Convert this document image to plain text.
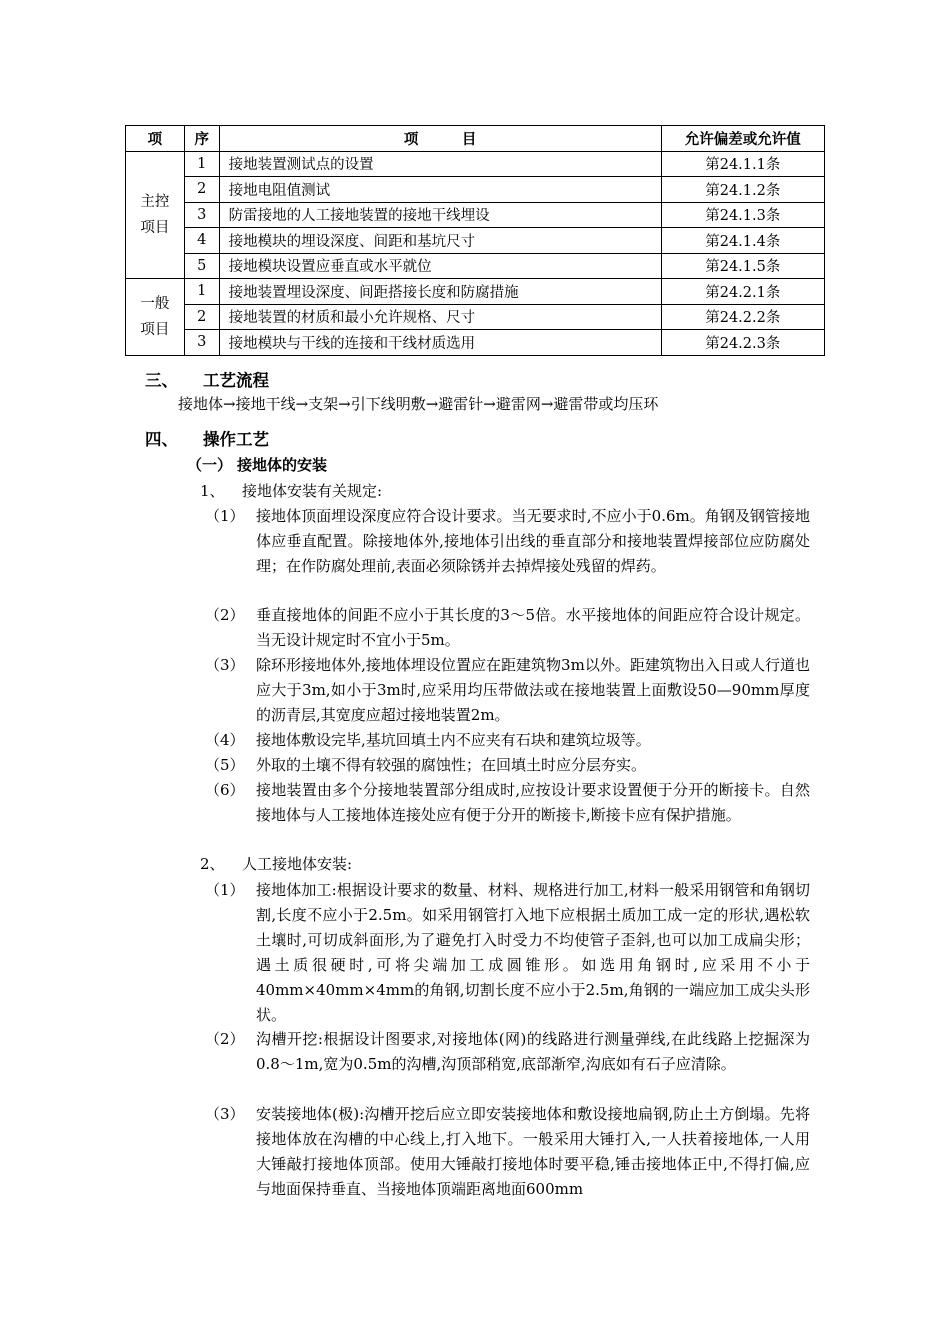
项	序	项　　　目	允许偏差或允许值
主控
项目	1	接地装置测试点的设置	第24.1.1条
	2	接地电阻值测试	第24.1.2条
	3	防雷接地的人工接地装置的接地干线埋设	第24.1.3条
	4	接地模块的埋设深度、间距和基坑尺寸	第24.1.4条
	5	接地模块设置应垂直或水平就位	第24.1.5条
一般
项目	1	接地装置埋设深度、间距搭接长度和防腐措施	第24.2.1条
	2	接地装置的材质和最小允许规格、尺寸	第24.2.2条
	3	接地模块与干线的连接和干线材质选用	第24.2.3条
三、 工艺流程
接地体→接地干线→支架→引下线明敷→避雷针→避雷网→避雷带或均压环
四、 操作工艺
（一） 接地体的安装
1、 接地体安装有关规定:
（1） 接地体顶面埋设深度应符合设计要求。当无要求时,不应小于0.6m。角钢及钢管接地体应垂直配置。除接地体外,接地体引出线的垂直部分和接地装置焊接部位应防腐处理；在作防腐处理前,表面必须除锈并去掉焊接处残留的焊药。
（2） 垂直接地体的间距不应小于其长度的3～5倍。水平接地体的间距应符合设计规定。当无设计规定时不宜小于5m。
（3） 除环形接地体外,接地体埋设位置应在距建筑物3m以外。距建筑物出入日或人行道也应大于3m,如小于3m时,应采用均压带做法或在接地装置上面敷设50—90mm厚度的沥青层,其宽度应超过接地装置2m。
（4） 接地体敷设完毕,基坑回填土内不应夹有石块和建筑垃圾等。
（5） 外取的土壤不得有较强的腐蚀性；在回填土时应分层夯实。
（6） 接地装置由多个分接地装置部分组成时,应按设计要求设置便于分开的断接卡。自然接地体与人工接地体连接处应有便于分开的断接卡,断接卡应有保护措施。
2、 人工接地体安装:
（1） 接地体加工:根据设计要求的数量、材料、规格进行加工,材料一般采用钢管和角钢切割,长度不应小于2.5m。如采用钢管打入地下应根据土质加工成一定的形状,遇松软土壤时,可切成斜面形,为了避免打入时受力不均使管子歪斜,也可以加工成扁尖形；遇土质很硬时,可将尖端加工成圆锥形。如选用角钢时,应采用不小于40mm×40mm×4mm的角钢,切割长度不应小于2.5m,角钢的一端应加工成尖头形状。
（2） 沟槽开挖:根据设计图要求,对接地体(网)的线路进行测量弹线,在此线路上挖掘深为0.8～1m,宽为0.5m的沟槽,沟顶部稍宽,底部渐窄,沟底如有石子应清除。
（3） 安装接地体(极):沟槽开挖后应立即安装接地体和敷设接地扁钢,防止土方倒塌。先将接地体放在沟槽的中心线上,打入地下。一般采用大锤打入,一人扶着接地体,一人用大锤敲打接地体顶部。使用大锤敲打接地体时要平稳,锤击接地体正中,不得打偏,应与地面保持垂直、当接地体顶端距离地面600mm
